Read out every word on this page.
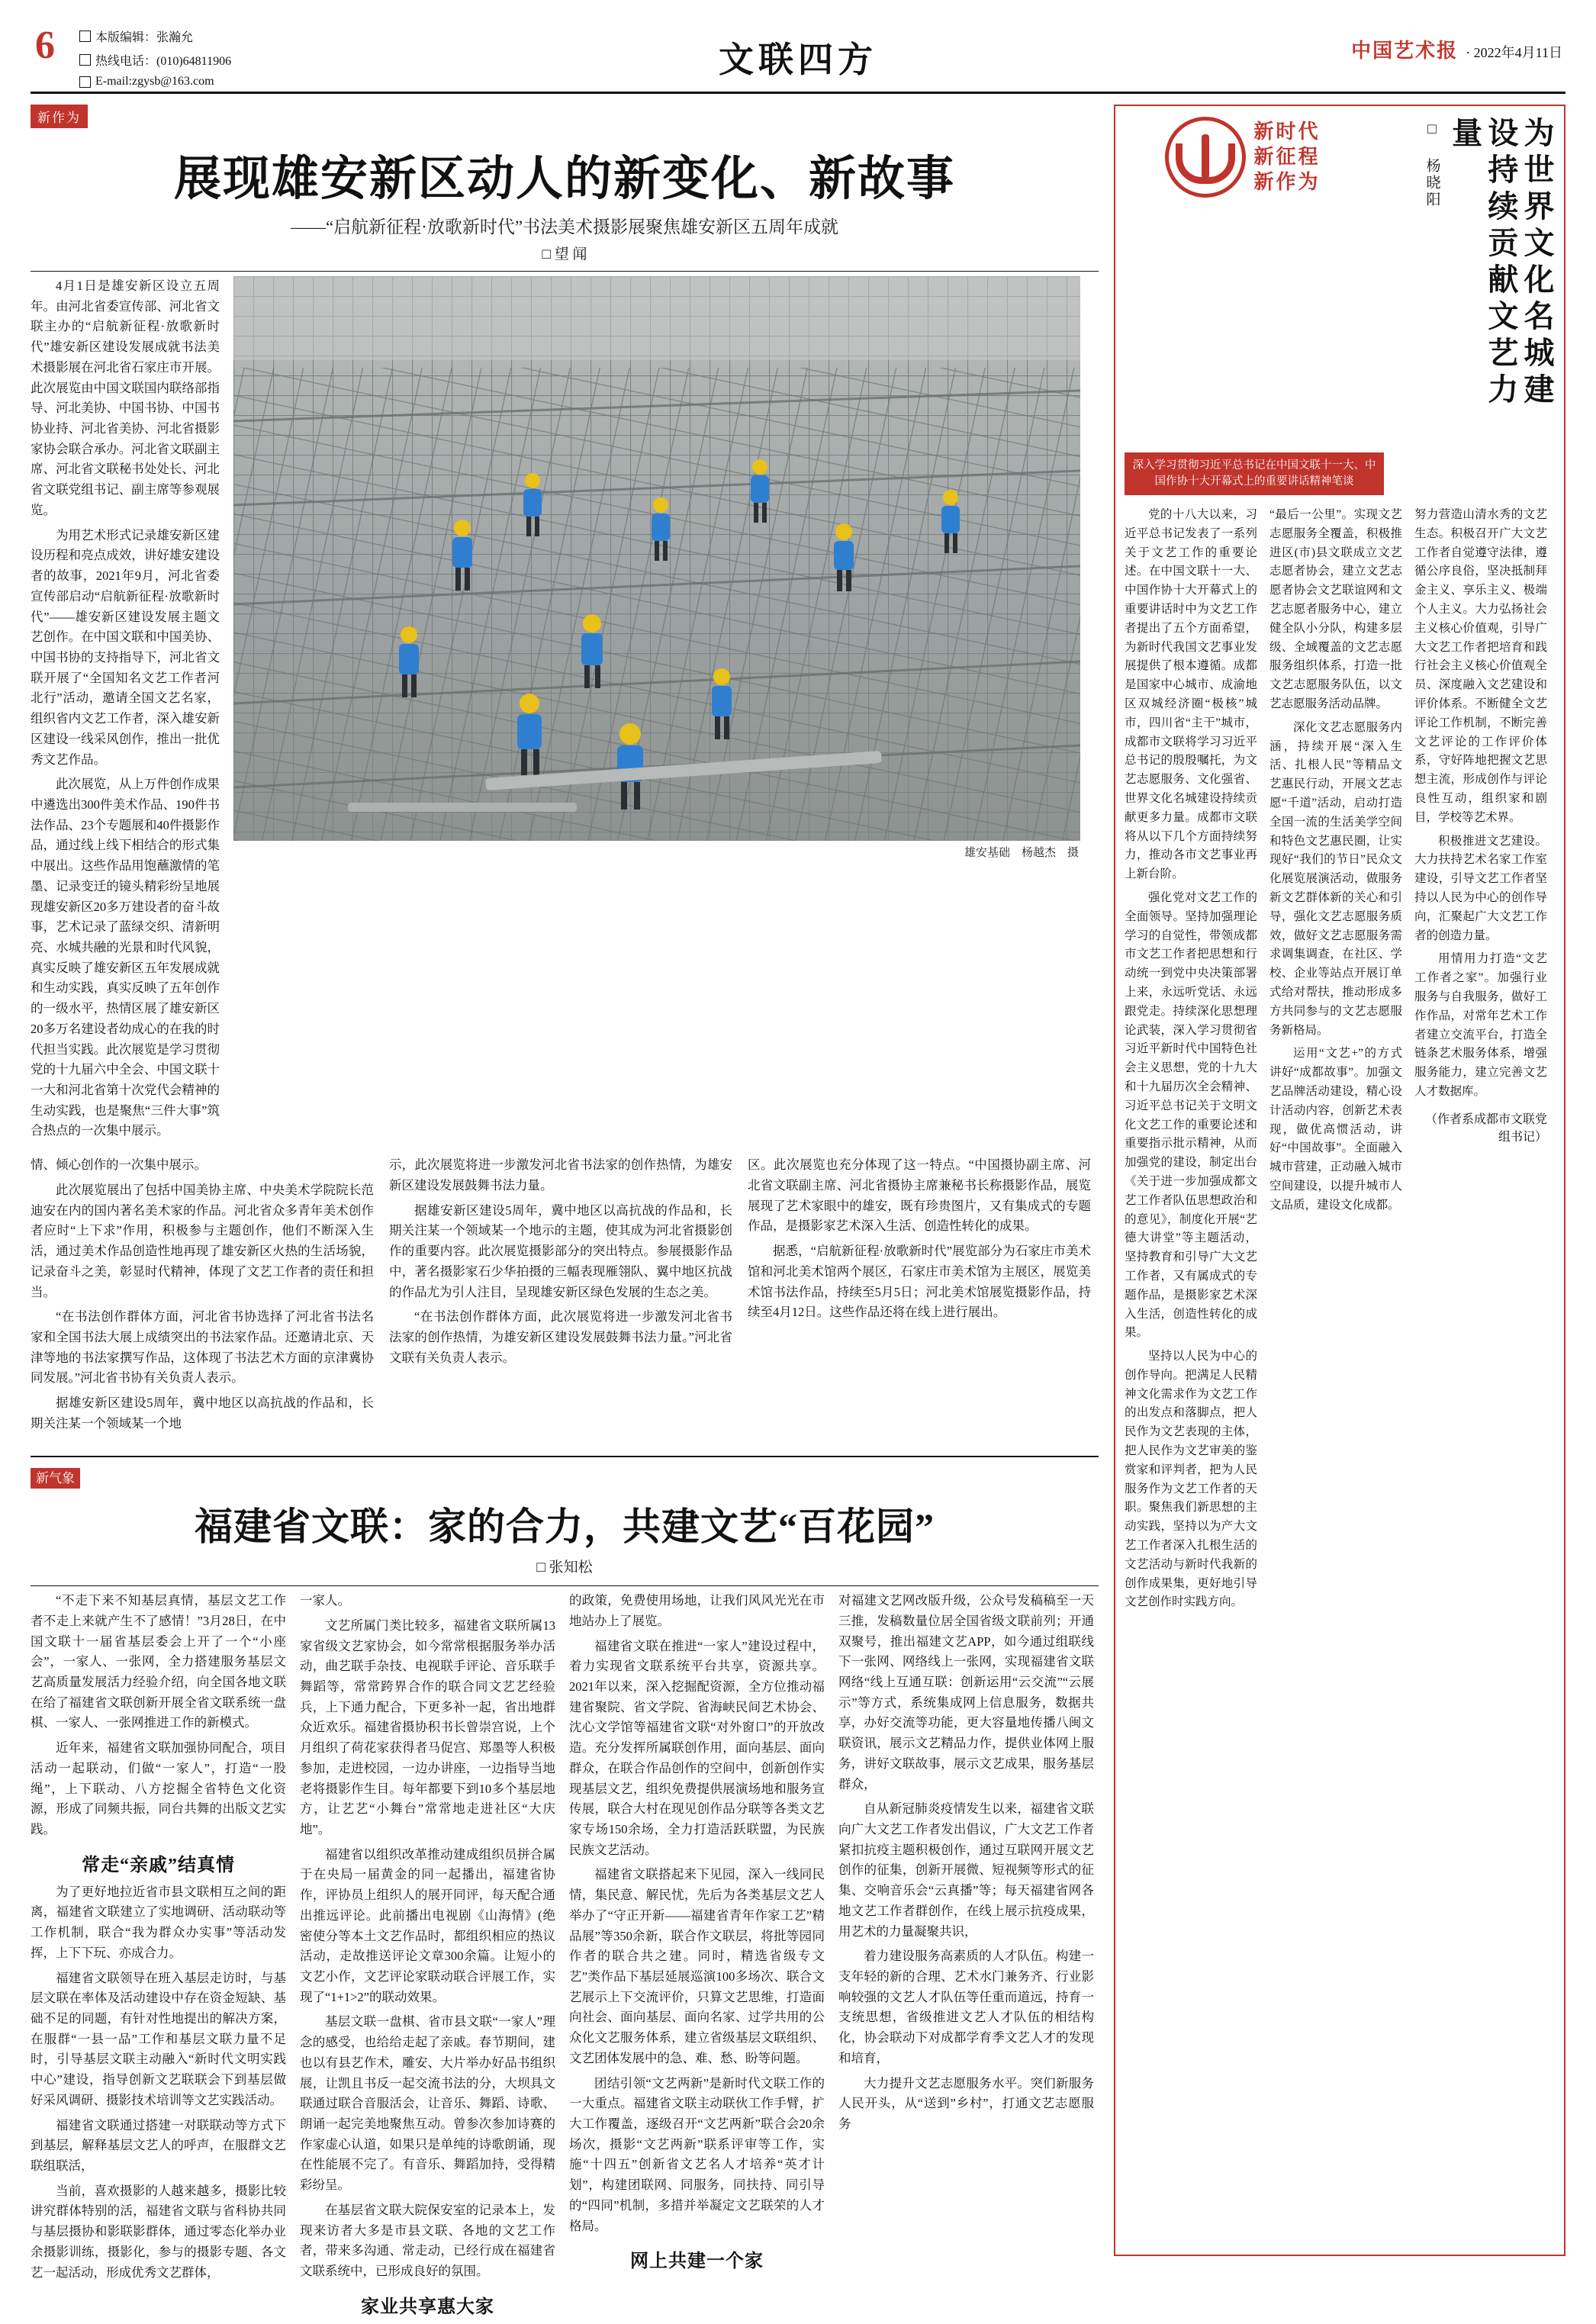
6	本版编辑：张瀚允
热线电话：(010)64811906
E-mail:zgysb@163.com
文联四方	中国艺术报 · 2022年4月11日
新作为
展现雄安新区动人的新变化、新故事
——“启航新征程·放歌新时代”书法美术摄影展聚焦雄安新区五周年成就
□ 望 闻

4月1日是雄安新区设立五周年。由河北省委宣传部、河北省文联主办的“启航新征程·放歌新时代”雄安新区建设发展成就书法美术摄影展在河北省石家庄市开展。此次展览由中国文联国内联络部指导、河北美协、中国书协、中国书协业持、河北省美协、河北省摄影家协会联合承办。河北省文联副主席、河北省文联秘书处处长、河北省文联党组书记、副主席等参观展览。

为用艺术形式记录雄安新区建设历程和亮点成效，讲好雄安建设者的故事，2021年9月，河北省委宣传部启动“启航新征程·放歌新时代”——雄安新区建设发展主题文艺创作。在中国文联和中国美协、中国书协的支持指导下，河北省文联开展了“全国知名文艺工作者河北行”活动，邀请全国文艺名家，组织省内文艺工作者，深入雄安新区建设一线采风创作，推出一批优秀文艺作品。

此次展览，从上万件创作成果中遴选出300件美术作品、190件书法作品、23个专题展和40件摄影作品，通过线上线下相结合的形式集中展出。这些作品用饱蘸激情的笔墨、记录变迁的镜头精彩纷呈地展现雄安新区20多万建设者的奋斗故事，艺术记录了蓝绿交织、清新明亮、水城共融的光景和时代风貌，真实反映了雄安新区五年发展成就和生动实践，真实反映了五年创作的一级水平，热情区展了雄安新区20多万名建设者幼成心的在我的时代担当实践。此次展览是学习贯彻党的十九届六中全会、中国文联十一大和河北省第十次党代会精神的生动实践，也是聚焦“三件大事”筑合热点的一次集中展示。

雄安基础　杨越杰　摄

情、倾心创作的一次集中展示。

此次展览展出了包括中国美协主席、中央美术学院院长范迪安在内的国内著名美术家的作品。河北省众多青年美术创作者应时“上下求”作用，积极参与主题创作，他们不断深入生活，通过美术作品创造性地再现了雄安新区火热的生活场貌，记录奋斗之美，彰显时代精神，体现了文艺工作者的责任和担当。

“在书法创作群体方面，河北省书协选择了河北省书法名家和全国书法大展上成绩突出的书法家作品。还邀请北京、天津等地的书法家撰写作品，这体现了书法艺术方面的京津冀协同发展。”河北省书协有关负责人表示。

据雄安新区建设5周年，冀中地区以高抗战的作品和，长期关注某一个领域某一个地

示，此次展览将进一步激发河北省书法家的创作热情，为雄安新区建设发展鼓舞书法力量。

据雄安新区建设5周年，冀中地区以高抗战的作品和，长期关注某一个领域某一个地示的主题，使其成为河北省摄影创作的重要内容。此次展览摄影部分的突出特点。参展摄影作品中，著名摄影家石少华拍摄的三幅表现雁翎队、翼中地区抗战的作品尤为引人注目，呈现雄安新区绿色发展的生态之美。

“在书法创作群体方面，此次展览将进一步激发河北省书法家的创作热情，为雄安新区建设发展鼓舞书法力量。”河北省文联有关负责人表示。

区。此次展览也充分体现了这一特点。“中国摄协副主席、河北省文联副主席、河北省摄协主席兼秘书长称摄影作品，展览展现了艺术家眼中的雄安，既有珍贵图片，又有集成式的专题作品，是摄影家艺术深入生活、创造性转化的成果。

据悉，“启航新征程·放歌新时代”展览部分为石家庄市美术馆和河北美术馆两个展区，石家庄市美术馆为主展区，展览美术馆书法作品，持续至5月5日；河北美术馆展览摄影作品，持续至4月12日。这些作品还将在线上进行展出。

新气象
福建省文联：家的合力，共建文艺“百花园”
□ 张知松

“不走下来不知基层真情，基层文艺工作者不走上来就产生不了感情！”3月28日，在中国文联十一届省基层委会上开了一个“小座会”，一家人、一张网，全力搭建服务基层文艺高质量发展活力经验介绍，向全国各地文联在给了福建省文联创新开展全省文联系统一盘棋、一家人、一张网推进工作的新模式。

近年来，福建省文联加强协同配合，项目活动一起联动，们做“一家人”，打造“一股绳”，上下联动、八方挖掘全省特色文化资源，形成了同频共振，同台共舞的出版文艺实践。

常走“亲戚”结真情

为了更好地拉近省市县文联相互之间的距离，福建省文联建立了实地调研、活动联动等工作机制，联合“我为群众办实事”等活动发挥，上下下玩、亦成合力。

福建省文联领导在班入基层走访时，与基层文联在率体及活动建设中存在资金短缺、基础不足的同题，有针对性地提出的解决方案，在服群“一县一品”工作和基层文联力量不足时，引导基层文联主动融入“新时代文明实践中心”建设，指导创新文艺联联会下到基层做好采风调研、摄影技术培训等文艺实践活动。

福建省文联通过搭建一对联联动等方式下到基层，解释基层文艺人的呼声，在服群文艺联组联活，

当前，喜欢摄影的人越来越多，摄影比较讲究群体特别的活，福建省文联与省科协共同与基层摄协和影联影群体，通过零态化举办业余摄影训练，摄影化，参与的摄影专题、各文艺一起活动，形成优秀文艺群体，

一家人。

文艺所属门类比较多，福建省文联所属13家省级文艺家协会，如今常常根据服务举办活动，曲艺联手杂技、电视联手评论、音乐联手舞蹈等，常常跨界合作的联合同文艺艺经验兵，上下通力配合，下更多补一起，省出地群众近欢乐。福建省摄协积书长曾崇宫说，上个月组织了荷花家获得者马促宫、郑墨等人积极参加，走进校园，一边办讲座，一边指导当地老将摄影作生目。每年都要下到10多个基层地方，让艺艺“小舞台”常常地走进社区“大庆地”。

福建省以组织改革推动建成组织员拼合属于在央局一届黄金的同一起播出，福建省协作，评协员上组织人的展开同评，每天配合通出推远评论。此前播出电视剧《山海情》(绝密使分等本土文艺作品时，都组织相应的热议活动，走故推送评论文章300余篇。让短小的文艺小作，文艺评论家联动联合评展工作，实现了“1+1>2”的联动效果。

基层文联一盘棋、省市县文联“一家人”理念的感受，也给给走起了亲戚。春节期间，建也以有县艺作术，雕安、大片举办好品书组织展，让凯且书反一起交流书法的分，大坝具文联通过联合音服活会，让音乐、舞蹈、诗歌、朗诵一起完美地聚焦互动。曾参次参加诗赛的作家虚心认道，如果只是单纯的诗歌朗诵，现在性能展不完了。有音乐、舞蹈加持，受得精彩纷呈。

在基层省文联大院保安室的记录本上，发现来访者大多是市县文联、各地的文艺工作者，带来多沟通、常走动，已经行成在福建省文联系统中，已形成良好的氛围。

家业共享惠大家

的政策，免费使用场地，让我们风风光光在市地站办上了展览。

福建省文联在推进“一家人”建设过程中，着力实现省文联系统平台共享，资源共享。2021年以来，深入挖掘配资源，全方位推动福建省聚院、省文学院、省海峡民间艺术协会、沈心文学馆等福建省文联“对外窗口”的开放改造。充分发挥所属联创作用，面向基层、面向群众，在联合作品创作的空间中，创新创作实现基层文艺，组织免费提供展演场地和服务宣传展，联合大村在现见创作品分联等各类文艺家专场150余场，全力打造活跃联盟，为民族民族文艺活动。

福建省文联搭起来下见园，深入一线同民情，集民意、解民忧，先后为各类基层文艺人举办了“守正开新——福建省青年作家工艺”精品展”等350余新，联合作文联层，将批等园同作者的联合共之建。同时，精选省级专文艺”类作品下基层延展巡演100多场次、联合文艺展示上下交流评价，只算文艺思维，打造面向社会、面向基层、面向名家、过学共用的公众化文艺服务体系，建立省级基层文联组织、文艺团体发展中的急、难、愁、盼等问题。

团结引领“文艺两新”是新时代文联工作的一大重点。福建省文联主动联伙工作手臂，扩大工作覆盖，逐级召开“文艺两新”联合会20余场次，摄影“文艺两新”联系评审等工作，实施“十四五”创新省文艺名人才培养“英才计划”，构建团联网、同服务，同扶持、同引导的“四同”机制，多措并举凝定文艺联荣的人才格局。

网上共建一个家

对福建文艺网改版升级，公众号发稿稿至一天三推，发稿数量位居全国省级文联前列；开通双聚号，推出福建文艺APP，如今通过组联线下一张网、网络线上一张网，实现福建省文联网络“线上互通互联：创新运用“云交流”“云展示”等方式，系统集成网上信息服务，数据共享，办好交流等功能，更大容量地传播八闽文联资讯，展示文艺精品力作，提供业体网上服务，讲好文联故事，展示文艺成果，服务基层群众，

自从新冠肺炎疫情发生以来，福建省文联向广大文艺工作者发出倡议，广大文艺工作者紧扣抗疫主题积极创作，通过互联网开展文艺创作的征集，创新开展微、短视频等形式的征集、交响音乐会“云真播”等；每天福建省网各地文艺工作者群创作，在线上展示抗疫成果，用艺术的力量凝聚共识，

着力建设服务高素质的人才队伍。构建一支年轻的新的合理、艺术水门兼务齐、行业影响较强的文艺人才队伍等任重而道远，持育一支统思想，省级推进文艺人才队伍的相结构化，协会联动下对成都学育季文艺人才的发现和培育，

大力提升文艺志愿服务水平。突们新服务人民开头，从“送到”乡村”，打通文艺志愿服务

新时代
新征程
新作为	□ 杨晓阳	为世界文化名城建设持续贡献文艺力量
深入学习贯彻习近平总书记在中国文联十一大、中国作协十大开幕式上的重要讲话精神笔谈

党的十八大以来，习近平总书记发表了一系列关于文艺工作的重要论述。在中国文联十一大、中国作协十大开幕式上的重要讲话时中为文艺工作者提出了五个方面希望，为新时代我国文艺事业发展提供了根本遵循。成都是国家中心城市、成渝地区双城经济圈“极核”城市，四川省“主干”城市，成都市文联将学习习近平总书记的殷殷嘱托，为文艺志愿服务、文化强省、世界文化名城建设持续贡献更多力量。成都市文联将从以下几个方面持续努力，推动各市文艺事业再上新台阶。

强化党对文艺工作的全面领导。坚持加强理论学习的自觉性，带领成都市文艺工作者把思想和行动统一到党中央决策部署上来，永远听党话、永远跟党走。持续深化思想理论武装，深入学习贯彻省习近平新时代中国特色社会主义思想，党的十九大和十九届历次全会精神、习近平总书记关于文明文化文艺工作的重要论述和重要指示批示精神，从而加强党的建设，制定出台《关于进一步加强成都文艺工作者队伍思想政治和的意见》，制度化开展“艺德大讲堂”等主题活动，坚持教育和引导广大文艺工作者，又有属成式的专题作品，是摄影家艺术深入生活，创造性转化的成果。

坚持以人民为中心的创作导向。把满足人民精神文化需求作为文艺工作的出发点和落脚点，把人民作为文艺表现的主体，把人民作为文艺审美的鉴赏家和评判者，把为人民服务作为文艺工作者的天职。聚焦我们新思想的主动实践，坚持以为产大文艺工作者深入扎根生活的文艺活动与新时代我新的创作成果集，更好地引导文艺创作时实践方向。

“最后一公里”。实现文艺志愿服务全覆盖，积极推进区(市)县文联成立文艺志愿者协会，建立文艺志愿者协会文艺联谊网和文艺志愿者服务中心，建立健全队小分队，构建多层级、全域覆盖的文艺志愿服务组织体系，打造一批文艺志愿服务队伍，以文艺志愿服务活动品牌。

深化文艺志愿服务内涵，持续开展“深入生活、扎根人民”等精品文艺惠民行动，开展文艺志愿“千道”活动，启动打造全国一流的生活美学空间和特色文艺惠民圈，让实现好“我们的节日”民众文化展览展演活动，做服务新文艺群体新的关心和引导，强化文艺志愿服务质效，做好文艺志愿服务需求调集调查，在社区、学校、企业等站点开展订单式给对帮扶，推动形成多方共同参与的文艺志愿服务新格局。

运用“文艺+”的方式讲好“成都故事”。加强文艺品牌活动建设，精心设计活动内容，创新艺术表现，做优高惯活动，讲好“中国故事”。全面融入城市营建，正动融入城市空间建设，以提升城市人文品质，建设文化成都。

努力营造山清水秀的文艺生态。积极召开广大文艺工作者自觉遵守法律，遵循公序良俗，坚决抵制拜金主义、享乐主义、极端个人主义。大力弘扬社会主义核心价值观，引导广大文艺工作者把培育和践行社会主义核心价值观全员、深度融入文艺建设和评价体系。不断健全文艺评论工作机制，不断完善文艺评论的工作评价体系，守好阵地把握文艺思想主流，形成创作与评论良性互动，组织家和剧目，学校等艺术界。

积极推进文艺建设。大力扶持艺术名家工作室建设，引导文艺工作者坚持以人民为中心的创作导向，汇聚起广大文艺工作者的创造力量。

用情用力打造“文艺工作者之家”。加强行业服务与自我服务，做好工作作品，对常年艺术工作者建立交流平台，打造全链条艺术服务体系，增强服务能力，建立完善文艺人才数据库。

（作者系成都市文联党组书记）
